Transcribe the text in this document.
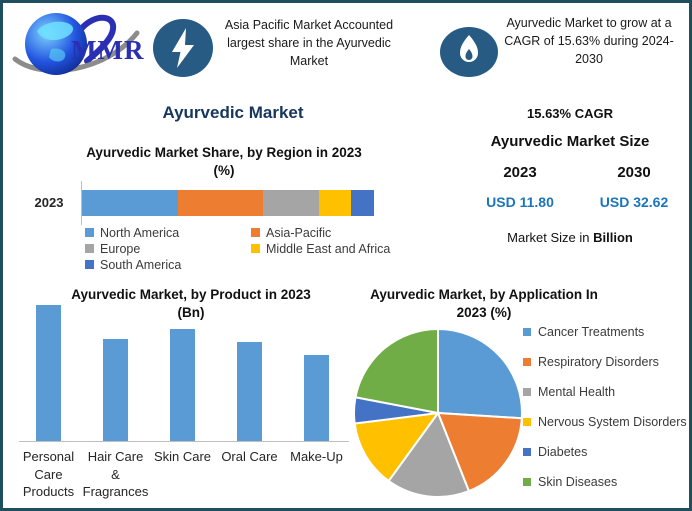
MMR
Asia Pacific Market Accounted
largest share in the Ayurvedic
Market
Ayurvedic Market to grow at a
CAGR of 15.63% during 2024-
2030
Ayurvedic Market	15.63% CAGR
Ayurvedic Market Size
2023	2030
USD 11.80	USD 32.62
Market Size in Billion
Ayurvedic Market Share, by Region in 2023
(%)
2023
North America	Asia-Pacific
Europe	Middle East and Africa
South America
Ayurvedic Market, by Product in 2023
(Bn)
Personal Care Products
Hair Care & Fragrances
Skin Care Oral Care Make-Up
Ayurvedic Market, by Application In
2023 (%)
Cancer Treatments
Respiratory Disorders
Mental Health
Nervous System Disorders
Diabetes
Skin Diseases
